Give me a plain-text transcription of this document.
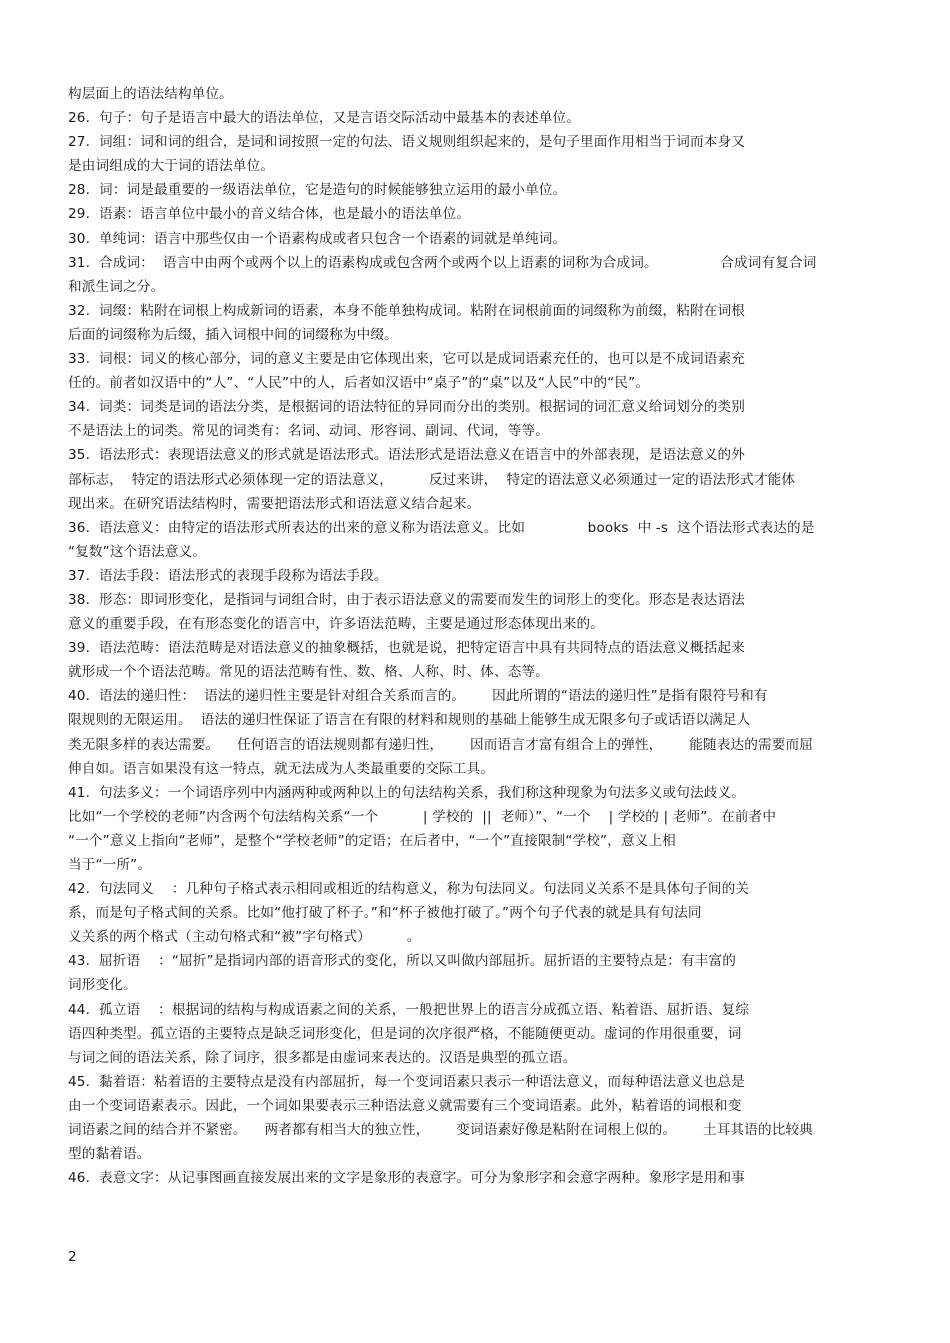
构层面上的语法结构单位。
26.  句子：句子是语言中最大的语法单位，又是言语交际活动中最基本的表述单位。
27.  词组：词和词的组合，是词和词按照一定的句法、语义规则组织起来的，是句子里面作用相当于词而本身又
是由词组成的大于词的语法单位。
28.  词：词是最重要的一级语法单位，它是造句的时候能够独立运用的最小单位。
29.  语素：语言单位中最小的音义结合体，也是最小的语法单位。
30.  单纯词：语言中那些仅由一个语素构成或者只包含一个语素的词就是单纯词。
31.  合成词：  语言中由两个或两个以上的语素构成或包含两个或两个以上语素的词称为合成词。              合成词有复合词
和派生词之分。
32.  词缀：粘附在词根上构成新词的语素，本身不能单独构成词。粘附在词根前面的词缀称为前缀，粘附在词根
后面的词缀称为后缀，插入词根中间的词缀称为中缀。
33.  词根：词义的核心部分，词的意义主要是由它体现出来，它可以是成词语素充任的，也可以是不成词语素充
任的。前者如汉语中的“人”、“人民”中的人，后者如汉语中“桌子”的“桌”以及“人民”中的“民”。
34.  词类：词类是词的语法分类，是根据词的语法特征的异同而分出的类别。根据词的词汇意义给词划分的类别
不是语法上的词类。常见的词类有：名词、动词、形容词、副词、代词，等等。
35.  语法形式：表现语法意义的形式就是语法形式。语法形式是语法意义在语言中的外部表现，是语法意义的外
部标志，  特定的语法形式必须体现一定的语法意义，        反过来讲，  特定的语法意义必须通过一定的语法形式才能体
现出来。在研究语法结构时，需要把语法形式和语法意义结合起来。
36.  语法意义：由特定的语法形式所表达的出来的意义称为语法意义。比如              books  中 -s  这个语法形式表达的是
“复数”这个语法意义。
37.  语法手段：语法形式的表现手段称为语法手段。
38.  形态：即词形变化，是指词与词组合时，由于表示语法意义的需要而发生的词形上的变化。形态是表达语法
意义的重要手段，在有形态变化的语言中，许多语法范畴，主要是通过形态体现出来的。
39.  语法范畴：语法范畴是对语法意义的抽象概括，也就是说，把特定语言中具有共同特点的语法意义概括起来
就形成一个个语法范畴。常见的语法范畴有性、数、格、人称、时、体、态等。
40.  语法的递归性：  语法的递归性主要是针对组合关系而言的。      因此所谓的“语法的递归性”是指有限符号和有
限规则的无限运用。  语法的递归性保证了语言在有限的材料和规则的基础上能够生成无限多句子或话语以满足人
类无限多样的表达需要。    任何语言的语法规则都有递归性，      因而语言才富有组合上的弹性，      能随表达的需要而屈
伸自如。语言如果没有这一特点，就无法成为人类最重要的交际工具。
41.  句法多义：一个词语序列中内涵两种或两种以上的句法结构关系，我们称这种现象为句法多义或句法歧义。
比如“一个学校的老师”内含两个句法结构关系“一个          | 学校的  ||  老师）”、“一个    | 学校的 | 老师”。在前者中
“一个”意义上指向“老师”，是整个“学校老师”的定语；在后者中，“一个”直接限制“学校”，意义上相
当于“一所”。
42.  句法同义    ：几种句子格式表示相同或相近的结构意义，称为句法同义。句法同义关系不是具体句子间的关
系，而是句子格式间的关系。比如“他打破了杯子。”和“杯子被他打破了。”两个句子代表的就是具有句法同
义关系的两个格式（主动句格式和“被”字句格式）        。
43.  屈折语    ：“屈折”是指词内部的语音形式的变化，所以又叫做内部屈折。屈折语的主要特点是：有丰富的
词形变化。
44.  孤立语    ：根据词的结构与构成语素之间的关系，一般把世界上的语言分成孤立语、粘着语、屈折语、复综
语四种类型。孤立语的主要特点是缺乏词形变化，但是词的次序很严格，不能随便更动。虚词的作用很重要，词
与词之间的语法关系，除了词序，很多都是由虚词来表达的。汉语是典型的孤立语。
45.  黏着语：粘着语的主要特点是没有内部屈折，每一个变词语素只表示一种语法意义，而每种语法意义也总是
由一个变词语素表示。因此，一个词如果要表示三种语法意义就需要有三个变词语素。此外，粘着语的词根和变
词语素之间的结合并不紧密。    两者都有相当大的独立性，      变词语素好像是粘附在词根上似的。      土耳其语的比较典
型的黏着语。
46.  表意文字：从记事图画直接发展出来的文字是象形的表意字。可分为象形字和会意字两种。象形字是用和事
2
